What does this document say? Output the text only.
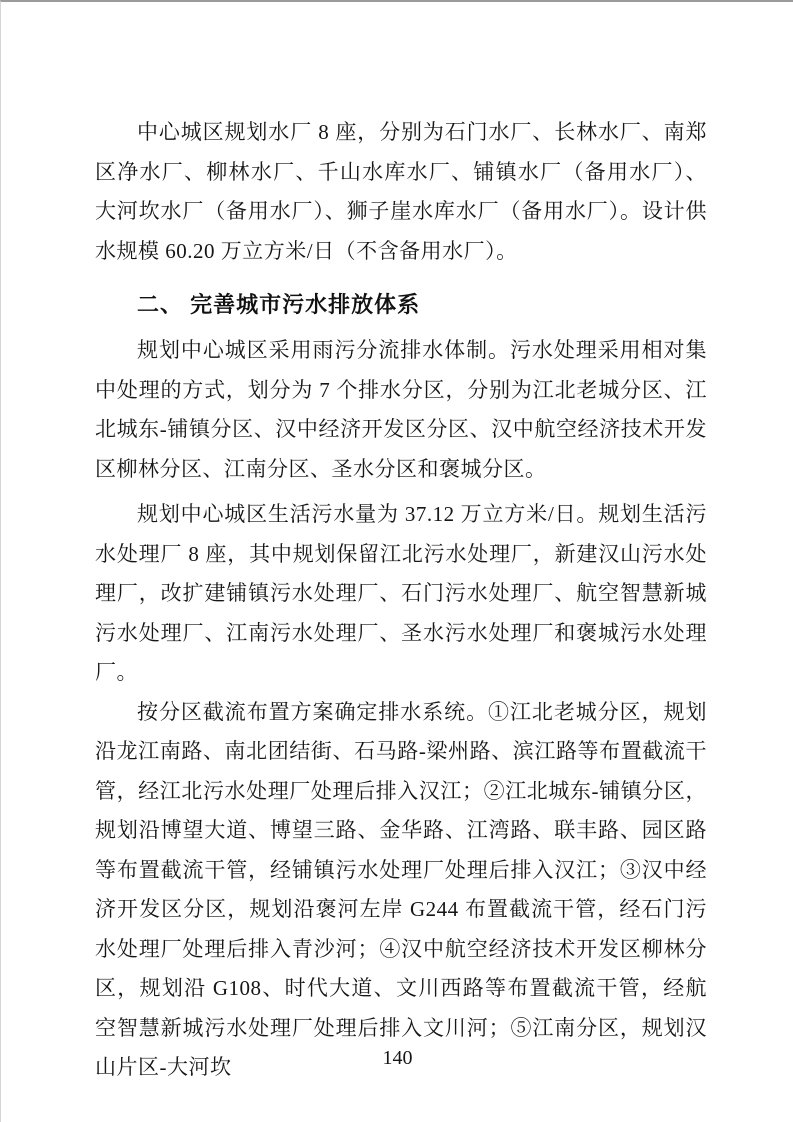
中心城区规划水厂 8 座，分别为石门水厂、长林水厂、南郑区净水厂、柳林水厂、千山水库水厂、铺镇水厂（备用水厂）、大河坎水厂（备用水厂）、狮子崖水库水厂（备用水厂）。设计供水规模 60.20 万立方米/日（不含备用水厂）。

二、 完善城市污水排放体系

规划中心城区采用雨污分流排水体制。污水处理采用相对集中处理的方式，划分为 7 个排水分区，分别为江北老城分区、江北城东-铺镇分区、汉中经济开发区分区、汉中航空经济技术开发区柳林分区、江南分区、圣水分区和褒城分区。

规划中心城区生活污水量为 37.12 万立方米/日。规划生活污水处理厂 8 座，其中规划保留江北污水处理厂，新建汉山污水处理厂，改扩建铺镇污水处理厂、石门污水处理厂、航空智慧新城污水处理厂、江南污水处理厂、圣水污水处理厂和褒城污水处理厂。

按分区截流布置方案确定排水系统。①江北老城分区，规划沿龙江南路、南北团结街、石马路-梁州路、滨江路等布置截流干管，经江北污水处理厂处理后排入汉江；②江北城东-铺镇分区，规划沿博望大道、博望三路、金华路、江湾路、联丰路、园区路等布置截流干管，经铺镇污水处理厂处理后排入汉江；③汉中经济开发区分区，规划沿褒河左岸 G244 布置截流干管，经石门污水处理厂处理后排入青沙河；④汉中航空经济技术开发区柳林分区，规划沿 G108、时代大道、文川西路等布置截流干管，经航空智慧新城污水处理厂处理后排入文川河；⑤江南分区，规划汉山片区-大河坎	140
